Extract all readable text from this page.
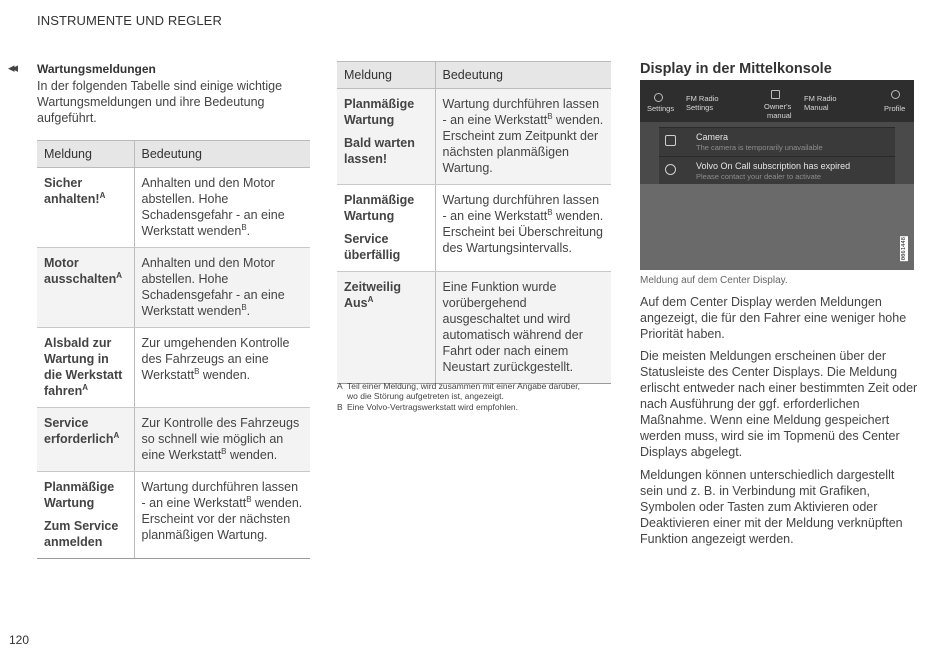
INSTRUMENTE UND REGLER
◂◂ Wartungsmeldungen
In der folgenden Tabelle sind einige wichtige Wartungsmeldungen und ihre Bedeutung aufgeführt.
Meldung	Bedeutung
Sicher anhalten!$^A$	Anhalten und den Motor abstellen. Hohe Schadensgefahr - an eine Werkstatt wenden$^B$.
Motor ausschalten$^A$	Anhalten und den Motor abstellen. Hohe Schadensgefahr - an eine Werkstatt wenden$^B$.
Alsbald zur Wartung in die Werkstatt fahren$^A$	Zur umgehenden Kontrolle des Fahrzeugs an eine Werkstatt$^B$ wenden.
Service erforderlich$^A$	Zur Kontrolle des Fahrzeugs so schnell wie möglich an eine Werkstatt$^B$ wenden.
Planmäßige Wartung
Zum Service anmelden	Wartung durchführen lassen - an eine Werkstatt$^B$ wenden. Erscheint vor der nächsten planmäßigen Wartung.
Meldung	Bedeutung
Planmäßige Wartung
Bald warten lassen!	Wartung durchführen lassen - an eine Werkstatt$^B$ wenden. Erscheint zum Zeitpunkt der nächsten planmäßigen Wartung.
Planmäßige Wartung
Service überfällig	Wartung durchführen lassen - an eine Werkstatt$^B$ wenden. Erscheint bei Überschreitung des Wartungsintervalls.
Zeitweilig Aus$^A$	Eine Funktion wurde vorübergehend ausgeschaltet und wird automatisch während der Fahrt oder nach einem Neustart zurückgestellt.
A Teil einer Meldung, wird zusammen mit einer Angabe darüber,
wo die Störung aufgetreten ist, angezeigt.
B Eine Volvo-Vertragswerkstatt wird empfohlen.
Display in der Mittelkonsole
Settings
FM Radio
Settings	Owner's
manual
FM Radio
Manual	Profile
Camera
The camera is temporarily unavailable
Volvo On Call subscription has expired
Please contact your dealer to activate
0061448
Meldung auf dem Center Display.
Auf dem Center Display werden Meldungen angezeigt, die für den Fahrer eine weniger hohe Priorität haben.
Die meisten Meldungen erscheinen über der Statusleiste des Center Displays. Die Meldung erlischt entweder nach einer bestimmten Zeit oder nach Ausführung der ggf. erforderlichen Maßnahme. Wenn eine Meldung gespeichert werden muss, wird sie im Topmenü des Center Displays abgelegt.
Meldungen können unterschiedlich dargestellt sein und z. B. in Verbindung mit Grafiken, Symbolen oder Tasten zum Aktivieren oder Deaktivieren einer mit der Meldung verknüpften Funktion angezeigt werden.
120
